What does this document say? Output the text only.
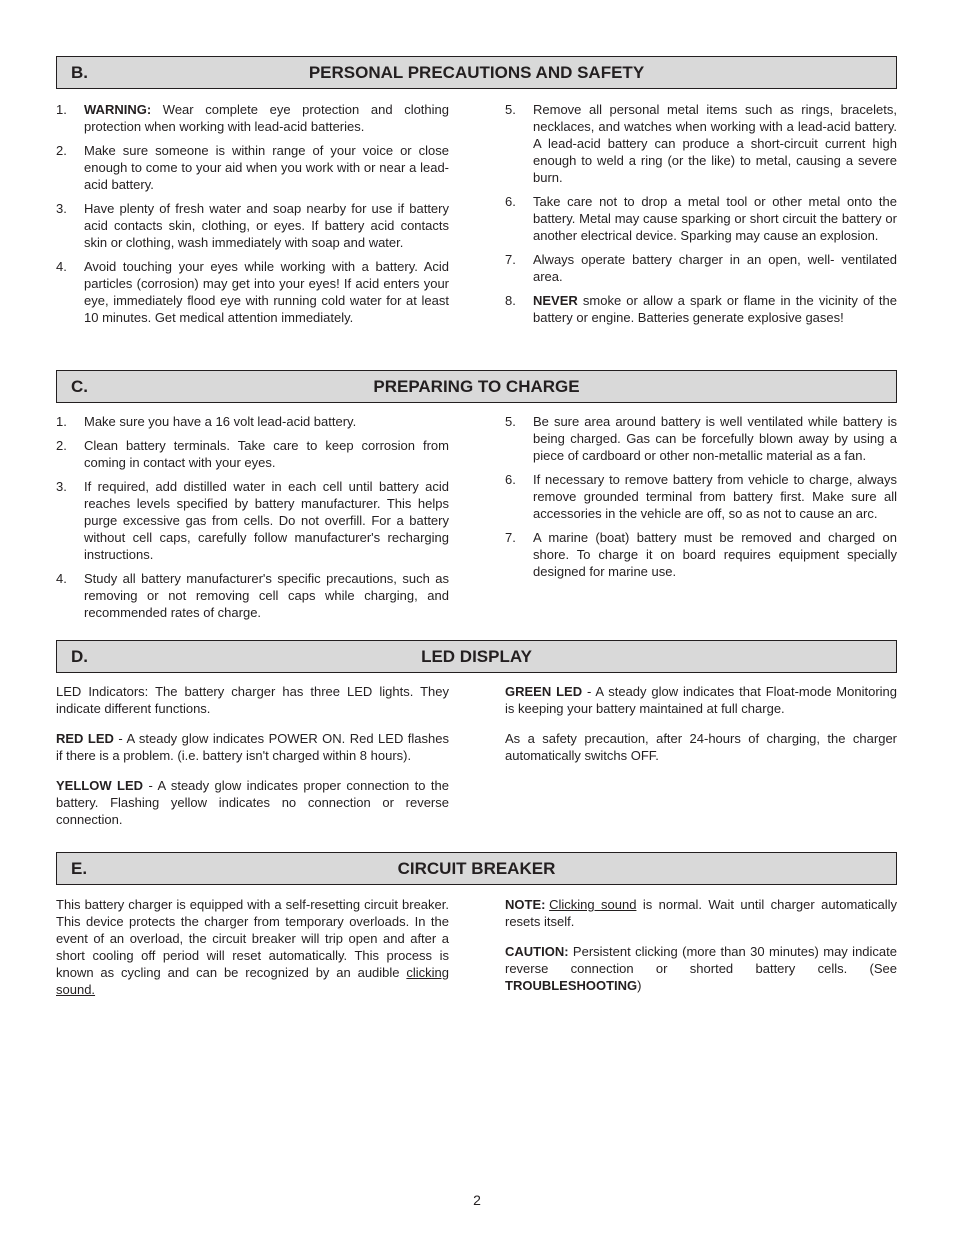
B.	PERSONAL PRECAUTIONS AND SAFETY
1.	WARNING: Wear complete eye protection and clothing protection when working with lead-acid batteries.
2.	Make sure someone is within range of your voice or close enough to come to your aid when you work with or near a lead-acid battery.
3.	Have plenty of fresh water and soap nearby for use if battery acid contacts skin, clothing, or eyes. If battery acid contacts skin or clothing, wash immediately with soap and water.
4.	Avoid touching your eyes while working with a battery. Acid particles (corrosion) may get into your eyes! If acid enters your eye, immediately flood eye with running cold water for at least 10 minutes. Get medical attention immediately.
5.	Remove all personal metal items such as rings, bracelets, necklaces, and watches when working with a lead-acid battery. A lead-acid battery can produce a short-circuit current high enough to weld a ring (or the like) to metal, causing a severe burn.
6.	Take care not to drop a metal tool or other metal onto the battery. Metal may cause sparking or short circuit the battery or another electrical device. Sparking may cause an explosion.
7.	Always operate battery charger in an open, well- ventilated area.
8.	NEVER smoke or allow a spark or flame in the vicinity of the battery or engine. Batteries generate explosive gases!
C.	PREPARING TO CHARGE
1.	Make sure you have a 16 volt lead-acid battery.
2.	Clean battery terminals. Take care to keep corrosion from coming in contact with your eyes.
3.	If required, add distilled water in each cell until battery acid reaches levels specified by battery manufacturer. This helps purge excessive gas from cells. Do not overfill. For a battery without cell caps, carefully follow manufacturer's recharging instructions.
4.	Study all battery manufacturer's specific precautions, such as removing or not removing cell caps while charging, and recommended rates of charge.
5.	Be sure area around battery is well ventilated while battery is being charged. Gas can be forcefully blown away by using a piece of cardboard or other non-metallic material as a fan.
6.	If necessary to remove battery from vehicle to charge, always remove grounded terminal from battery first. Make sure all accessories in the vehicle are off, so as not to cause an arc.
7.	A marine (boat) battery must be removed and charged on shore. To charge it on board requires equipment specially designed for marine use.
D.	LED DISPLAY

LED Indicators: The battery charger has three LED lights. They indicate different functions.

RED LED - A steady glow indicates POWER ON. Red LED flashes if there is a problem. (i.e. battery isn't charged within 8 hours).

YELLOW LED - A steady glow indicates proper connection to the battery. Flashing yellow indicates no connection or reverse connection.

GREEN LED - A steady glow indicates that Float-mode Monitoring is keeping your battery maintained at full charge.

As a safety precaution, after 24-hours of charging, the charger automatically switchs OFF.

E.	CIRCUIT BREAKER

This battery charger is equipped with a self-resetting circuit breaker. This device protects the charger from temporary overloads. In the event of an overload, the circuit breaker will trip open and after a short cooling off period will reset automatically. This process is known as cycling and can be recognized by an audible clicking sound.

NOTE: Clicking sound is normal. Wait until charger automatically resets itself.

CAUTION: Persistent clicking (more than 30 minutes) may indicate reverse connection or shorted battery cells. (See TROUBLESHOOTING)

2
